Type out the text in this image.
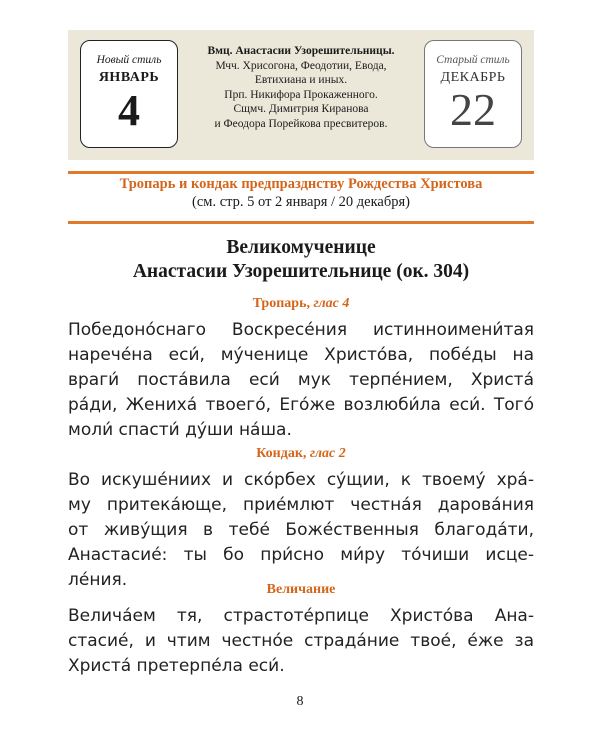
Новый стиль
ЯНВАРЬ
4
Вмц. Анастасии Узорешительницы.
Мчч. Хрисогона, Феодотии, Евода,
Евтихиана и иных.
Прп. Никифора Прокаженного.
Сщмч. Димитрия Киранова
и Феодора Порейкова пресвитеров.
Старый стиль
ДЕКАБРЬ
22
Тропарь и кондак предпразднству Рождества Христова
(см. стр. 5 от 2 января / 20 декабря)
Великомученице
Анастасии Узорешительнице (ок. 304)
Тропарь, глас 4
Победоно́снаго Воскресе́ния истинноимени́тая
нарече́на еси́, му́ченице Христо́ва, побе́ды на
враги́ поста́вила еси́ мук терпе́нием, Христа́
ра́ди, Жениха́ твоего́, Его́же возлюби́ла еси́. Того́
моли́ спасти́ ду́ши на́ша.
Кондак, глас 2
Во искуше́ниих и ско́рбех су́щии, к твоему́ хра́-
му притека́юще, прие́млют честна́я дарова́ния
от живу́щия в тебе́ Боже́ственныя благода́ти,
Анастасие́: ты бо при́сно ми́ру то́чиши исце-
ле́ния.	Величание
Велича́ем тя, страстоте́рпице Христо́ва Ана-
стасие́, и чтим честно́е страда́ние твое́, е́же за
Христа́ претерпе́ла еси́.
8
